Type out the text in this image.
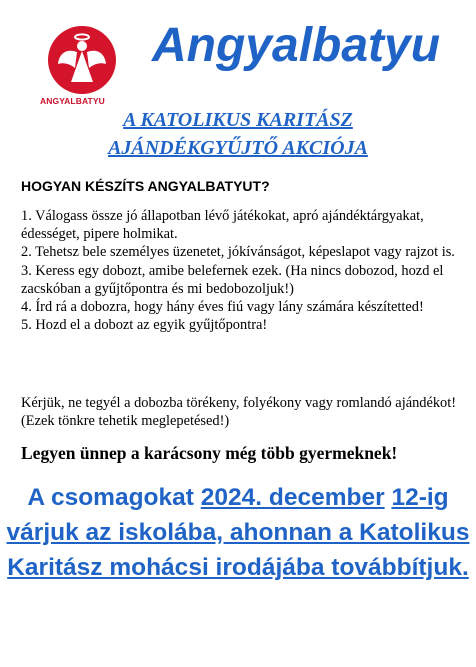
ANGYALBATYU
Angyalbatyu
A KATOLIKUS KARITÁSZ
AJÁNDÉKGYŰJTŐ AKCIÓJA
HOGYAN KÉSZÍTS ANGYALBATYUT?
1. Válogass össze jó állapotban lévő játékokat, apró ajándéktárgyakat, édességet, pipere holmikat.
2. Tehetsz bele személyes üzenetet, jókívánságot, képeslapot vagy rajzot is.
3. Keress egy dobozt, amibe belefernek ezek. (Ha nincs dobozod, hozd el zacskóban a gyűjtőpontra és mi bedobozoljuk!)
4. Írd rá a dobozra, hogy hány éves fiú vagy lány számára készítetted!
5. Hozd el a dobozt az egyik gyűjtőpontra!
Kérjük, ne tegyél a dobozba törékeny, folyékony vagy romlandó ajándékot! (Ezek tönkre tehetik meglepetésed!)
Legyen ünnep a karácsony még több gyermeknek!
A csomagokat 2024. december 12-ig várjuk az iskolába, ahonnan a Katolikus Karitász mohácsi irodájába továbbítjuk.
